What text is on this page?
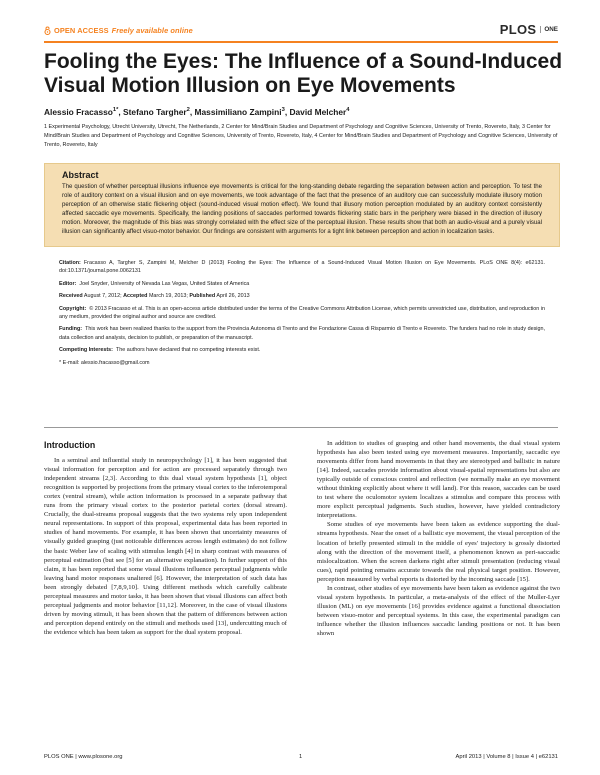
OPEN ACCESS Freely available online	PLOS	ONE
Fooling the Eyes: The Influence of a Sound-Induced
Visual Motion Illusion on Eye Movements
Alessio Fracasso$^{1*}$, Stefano Targher$^2$, Massimiliano Zampini$^3$, David Melcher$^4$
1 Experimental Psychology, Utrecht University, Utrecht, The Netherlands, 2 Center for Mind/Brain Studies and Department of Psychology and Cognitive Sciences, University of Trento, Rovereto, Italy, 3 Center for Mind/Brain Studies and Department of Psychology and Cognitive Sciences, University of Trento, Rovereto, Italy, 4 Center for Mind/Brain Studies and Department of Psychology and Cognitive Sciences, University of Trento, Rovereto, Italy
Abstract

The question of whether perceptual illusions influence eye movements is critical for the long-standing debate regarding the separation between action and perception. To test the role of auditory context on a visual illusion and on eye movements, we took advantage of the fact that the presence of an auditory cue can successfully modulate illusory motion perception of an otherwise static flickering object (sound-induced visual motion effect). We found that illusory motion perception modulated by an auditory context consistently affected saccadic eye movements. Specifically, the landing positions of saccades performed towards flickering static bars in the periphery were biased in the direction of illusory motion. Moreover, the magnitude of this bias was strongly correlated with the effect size of the perceptual illusion. These results show that both an audio-visual and a purely visual illusion can significantly affect visuo-motor behavior. Our findings are consistent with arguments for a tight link between perception and action in localization tasks.

Citation: Fracasso A, Targher S, Zampini M, Melcher D (2013) Fooling the Eyes: The Influence of a Sound-Induced Visual Motion Illusion on Eye Movements. PLoS ONE 8(4): e62131. doi:10.1371/journal.pone.0062131

Editor: Joel Snyder, University of Nevada Las Vegas, United States of America

Received August 7, 2012; Accepted March 19, 2013; Published April 26, 2013

Copyright: © 2013 Fracasso et al. This is an open-access article distributed under the terms of the Creative Commons Attribution License, which permits unrestricted use, distribution, and reproduction in any medium, provided the original author and source are credited.

Funding: This work has been realized thanks to the support from the Provincia Autonoma di Trento and the Fondazione Cassa di Risparmio di Trento e Rovereto. The funders had no role in study design, data collection and analysis, decision to publish, or preparation of the manuscript.

Competing Interests: The authors have declared that no competing interests exist.

* E-mail: alessio.fracasso@gmail.com

Introduction

In a seminal and influential study in neuropsychology [1], it has been suggested that visual information for perception and for action are processed separately through two independent streams [2,3]. According to this dual visual system hypothesis [1], object recognition is supported by projections from the primary visual cortex to the inferotemporal cortex (ventral stream), while action information is processed in a separate pathway that runs from the primary visual cortex to the posterior parietal cortex (dorsal stream). Crucially, the dual-streams proposal suggests that the two systems rely upon independent neural representations. In support of this proposal, experimental data has been reported in studies of hand movements. For example, it has been shown that uncertainty measures of visually guided grasping (just noticeable differences across length estimates) do not follow the basic Weber law of scaling with stimulus length [4] in sharp contrast with measures of perceptual estimation (but see [5] for an alternative explanation). In further support of this claim, it has been reported that some visual illusions influence perceptual judgments while leaving hand motor responses unaltered [6]. However, the interpretation of such data has been strongly debated [7,8,9,10]. Using different methods which carefully calibrate perceptual measures and motor tasks, it has been shown that visual illusions can affect both perceptual judgments and motor behavior [11,12]. Moreover, in the case of visual illusions driven by moving stimuli, it has been shown that the pattern of differences between action and perception depend entirely on the stimuli and methods used [13], undercutting much of the evidence which has been taken as support for the dual system proposal.

In addition to studies of grasping and other hand movements, the dual visual system hypothesis has also been tested using eye movement measures. Importantly, saccadic eye movements differ from hand movements in that they are stereotyped and ballistic in nature [14]. Indeed, saccades provide information about visual-spatial representations but also are typically outside of conscious control and reflection (we normally make an eye movement without thinking explicitly about where it will land). For this reason, saccades can be used to test where the oculomotor system localizes a stimulus and compare this process with more explicit perceptual judgments. Such studies, however, have yielded contradictory interpretations.

Some studies of eye movements have been taken as evidence supporting the dual-streams hypothesis. Near the onset of a ballistic eye movement, the visual perception of the location of briefly presented stimuli in the middle of eyes' trajectory is grossly distorted along with the direction of the movement itself, a phenomenon known as peri-saccadic mislocalization. When the screen darkens right after stimuli presentation (reducing visual cues), rapid pointing remains accurate towards the real physical target position. However, perception measured by verbal reports is distorted by the incoming saccade [15].

In contrast, other studies of eye movements have been taken as evidence against the two visual system hypothesis. In particular, a meta-analysis of the effect of the Muller-Lyer illusion (ML) on eye movements [16] provides evidence against a functional dissociation between visuo-motor and perceptual systems. In this case, the experimental paradigm can influence whether the illusion influences saccadic landing positions or not. It has been shown

PLOS ONE | www.plosone.org	1	April 2013 | Volume 8 | Issue 4 | e62131
